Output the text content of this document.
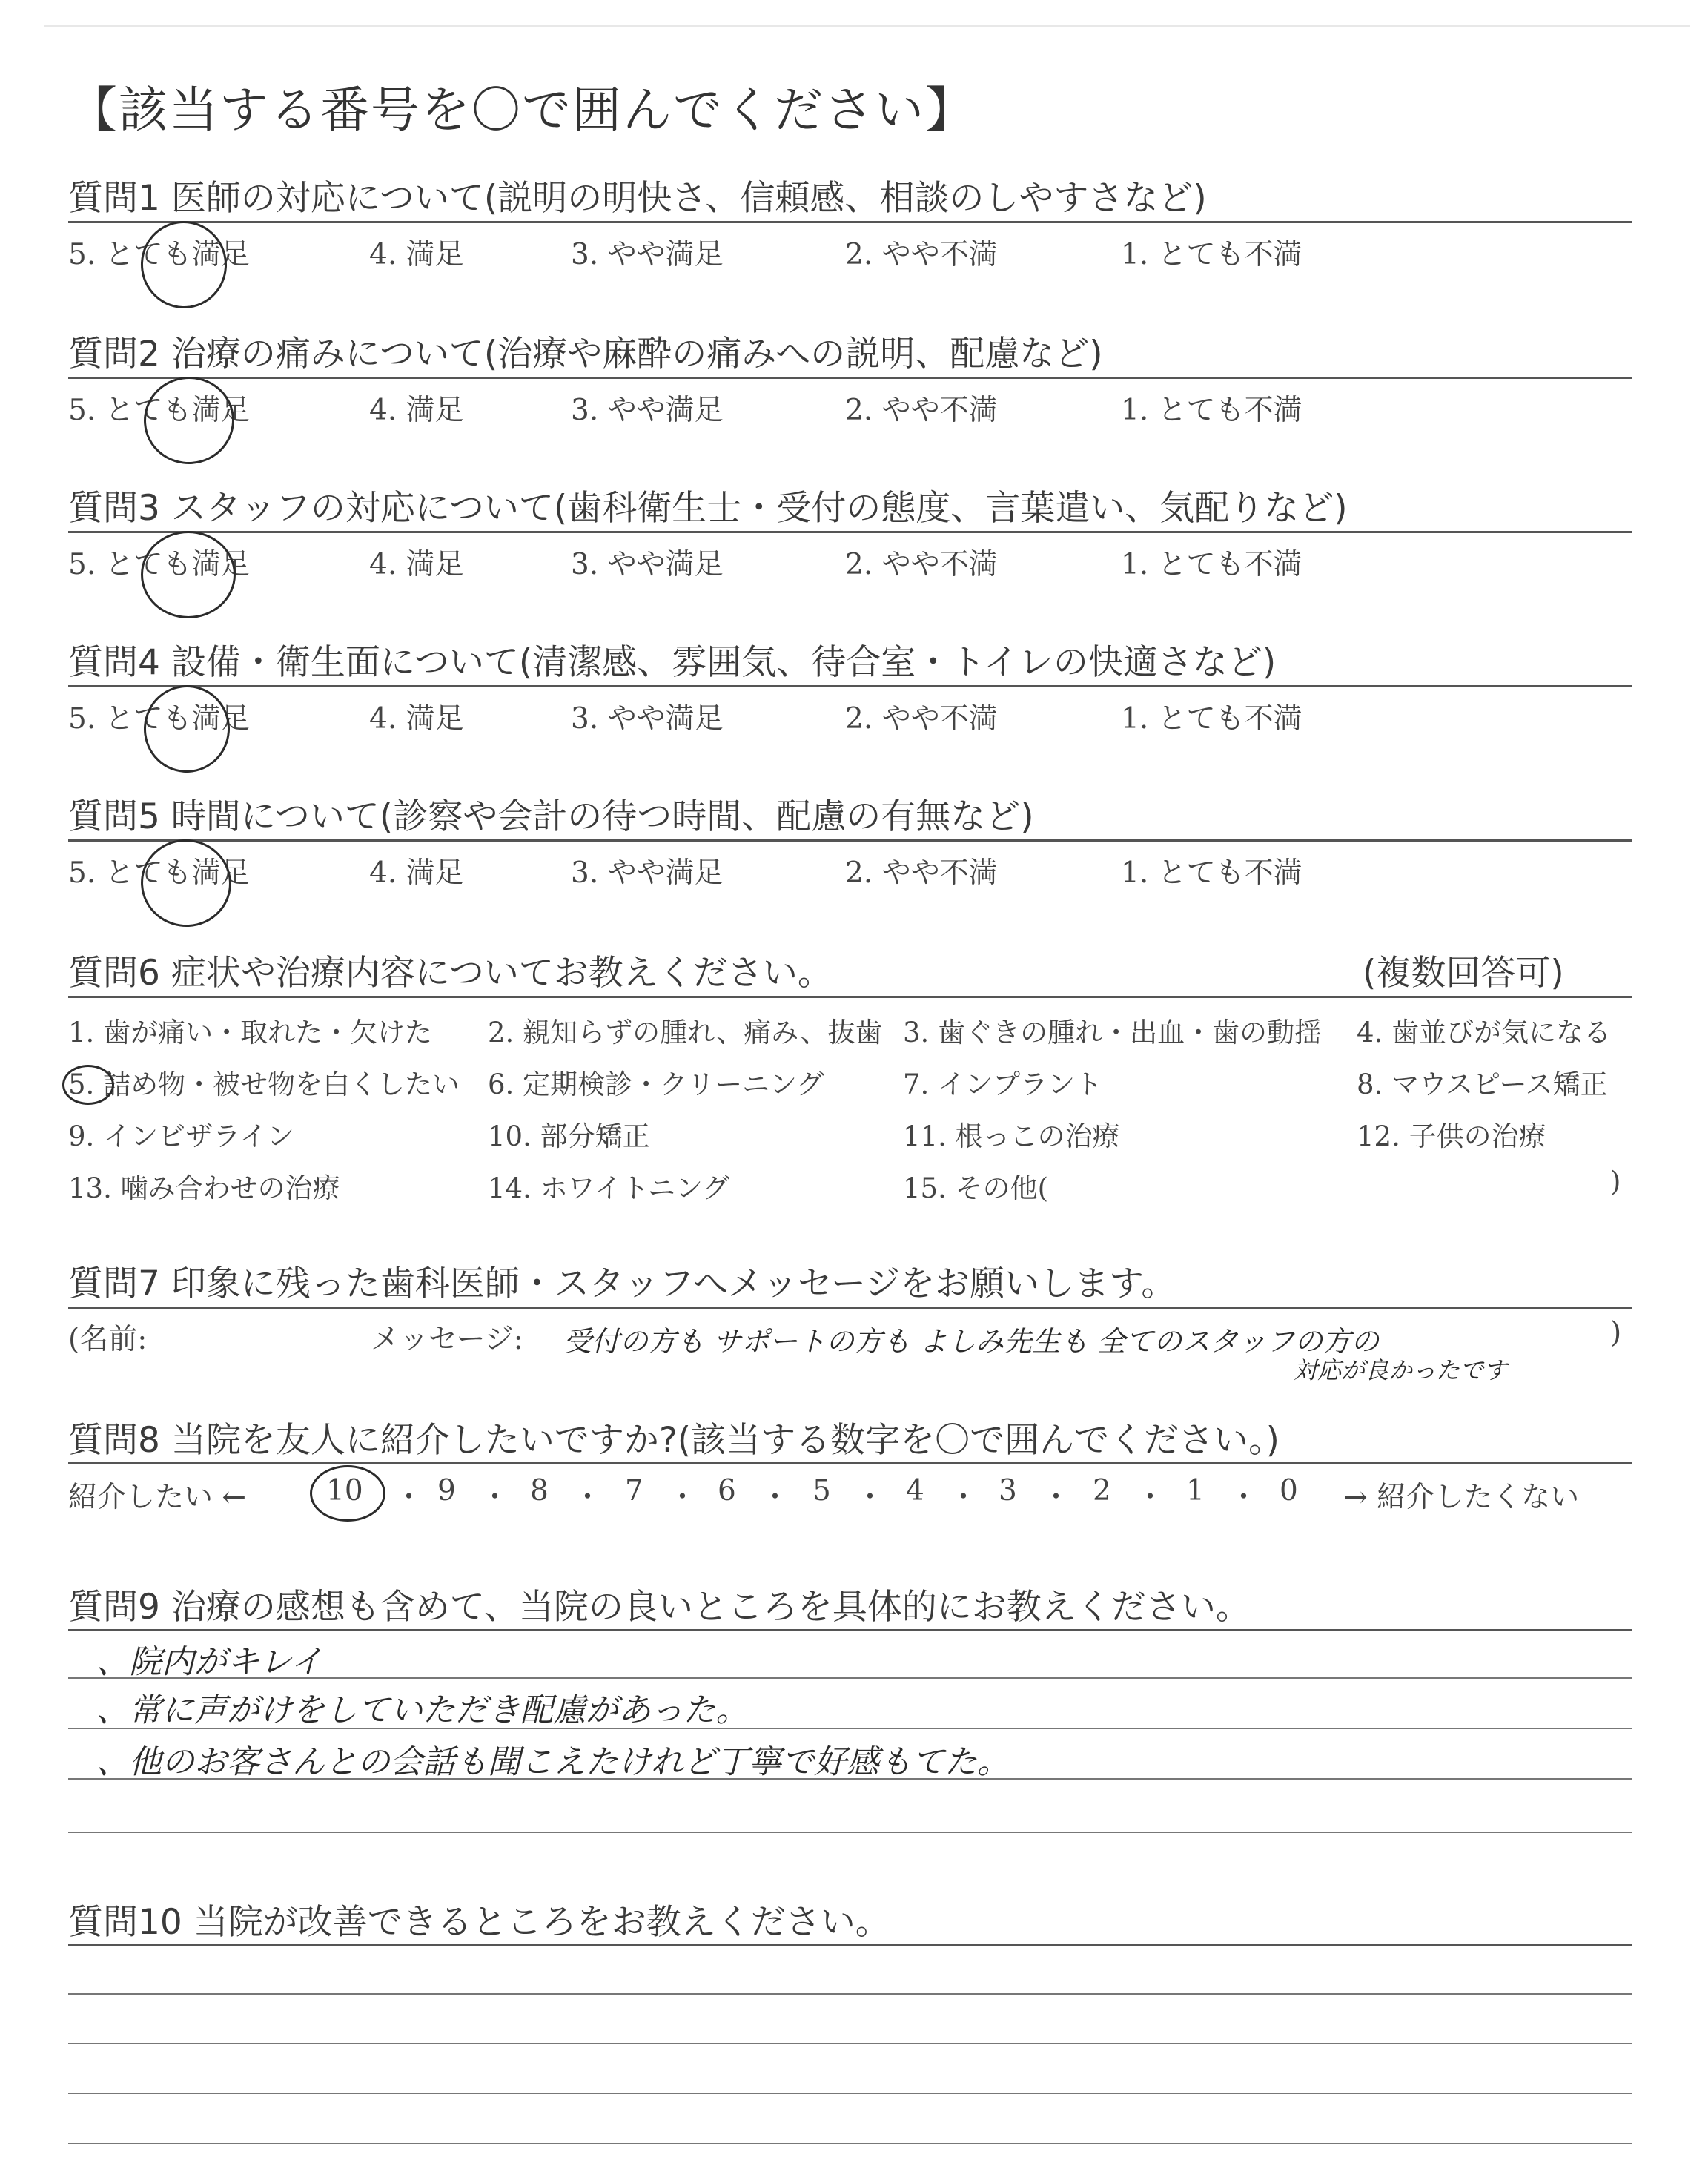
【該当する番号を〇で囲んでください】
質問1 医師の対応について(説明の明快さ、信頼感、相談のしやすさなど)
5. とても満足	4. 満足	3. やや満足	2. やや不満	1. とても不満
質問2 治療の痛みについて(治療や麻酔の痛みへの説明、配慮など)
5. とても満足	4. 満足	3. やや満足	2. やや不満	1. とても不満
質問3 スタッフの対応について(歯科衛生士・受付の態度、言葉遣い、気配りなど)
5. とても満足	4. 満足	3. やや満足	2. やや不満	1. とても不満
質問4 設備・衛生面について(清潔感、雰囲気、待合室・トイレの快適さなど)
5. とても満足	4. 満足	3. やや満足	2. やや不満	1. とても不満
質問5 時間について(診察や会計の待つ時間、配慮の有無など)
5. とても満足	4. 満足	3. やや満足	2. やや不満	1. とても不満
質問6 症状や治療内容についてお教えください。	(複数回答可)
1. 歯が痛い・取れた・欠けた 2. 親知らずの腫れ、痛み、抜歯 3. 歯ぐきの腫れ・出血・歯の動揺 4. 歯並びが気になる
5. 詰め物・被せ物を白くしたい 6. 定期検診・クリーニング	7. インプラント	8. マウスピース矯正
9. インビザライン	10. 部分矯正	11. 根っこの治療	12. 子供の治療
13. 噛み合わせの治療	14. ホワイトニング	15. その他(	)
質問7 印象に残った歯科医師・スタッフへメッセージをお願いします。
(名前:	メッセージ:	)
受付の方も サポートの方も よしみ先生も 全てのスタッフの方の
対応が良かったです
質問8 当院を友人に紹介したいですか?(該当する数字を〇で囲んでください。)
紹介したい ←	10 ・ 9 ・ 8 ・ 7 ・ 6 ・ 5 ・ 4 ・ 3 ・ 2 ・ 1 ・ 0 → 紹介したくない
質問9 治療の感想も含めて、当院の良いところを具体的にお教えください。
、院内がキレイ
、常に声がけをしていただき配慮があった。
、他のお客さんとの会話も聞こえたけれど丁寧で好感もてた。
質問10 当院が改善できるところをお教えください。
